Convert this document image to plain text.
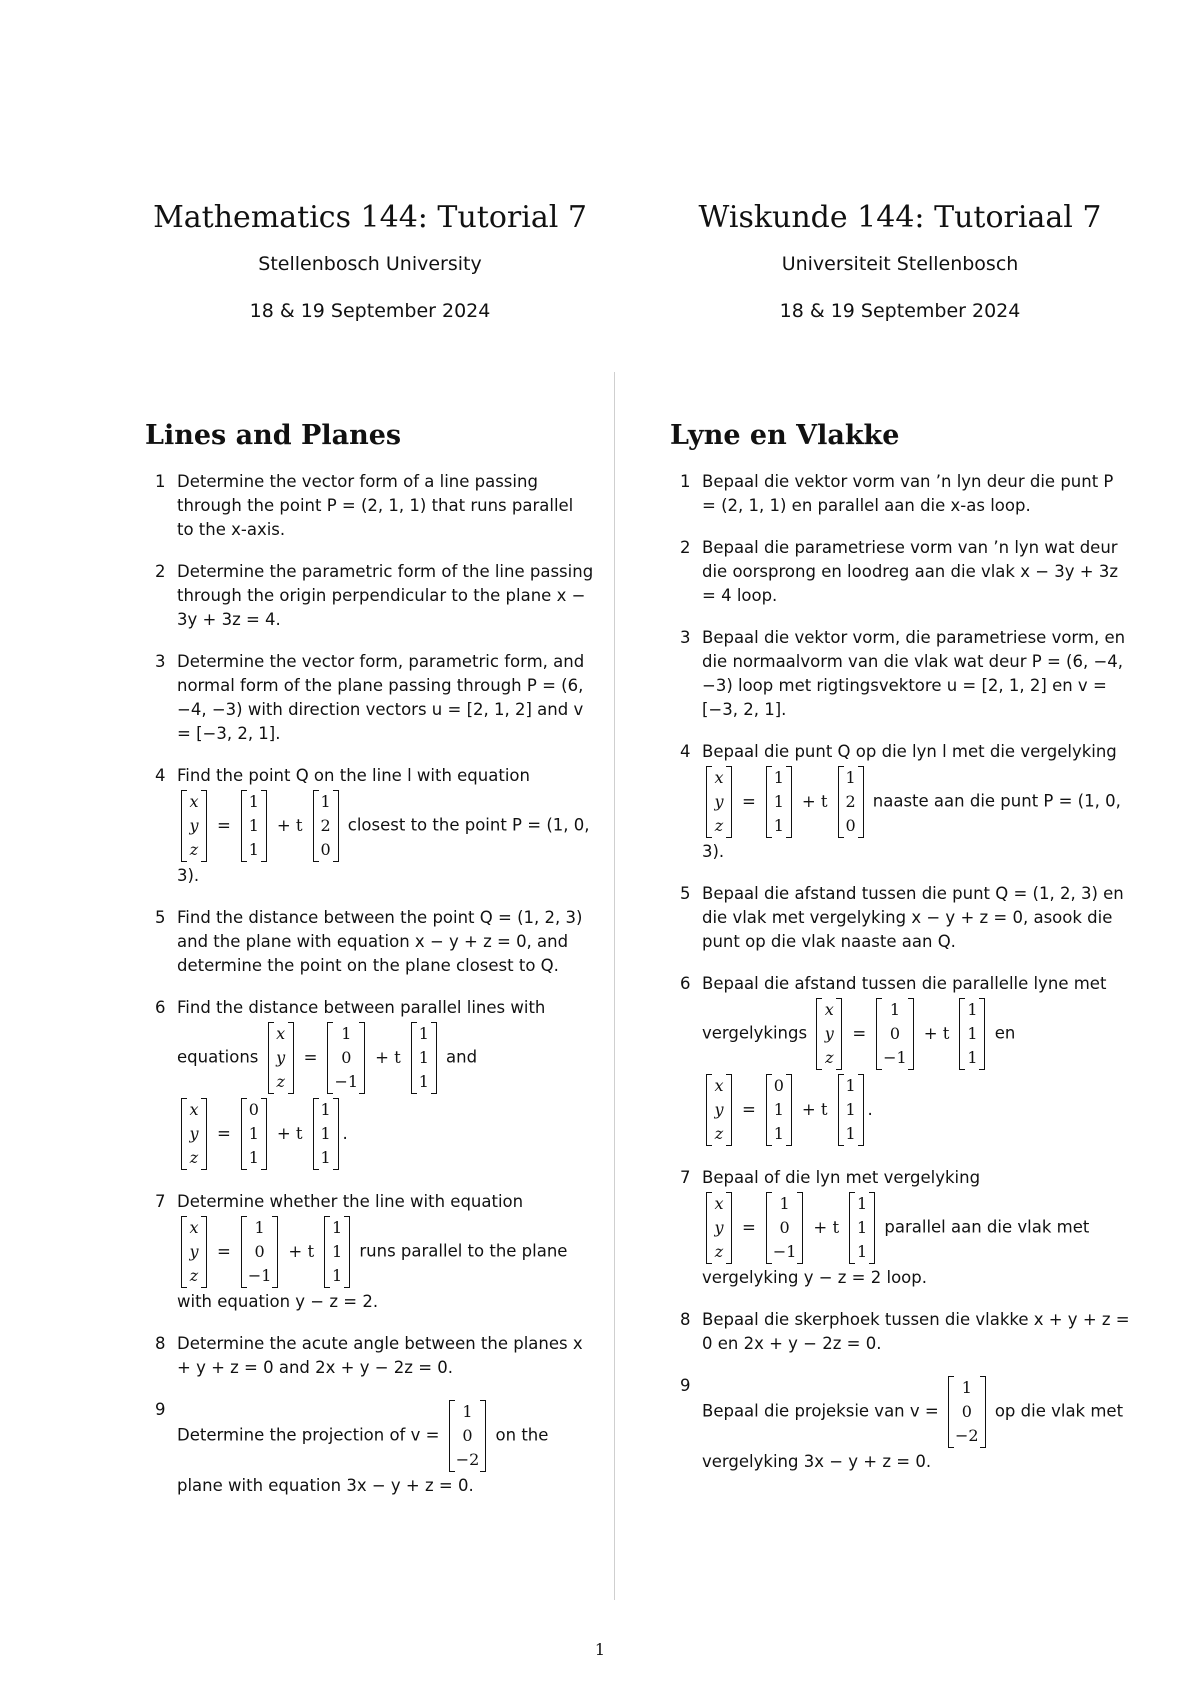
Mathematics 144: Tutorial 7
Stellenbosch University
18 & 19 September 2024
Lines and Planes
1 Determine the vector form of a line passing through the point P = (2, 1, 1) that runs parallel to the x-axis.
2 Determine the parametric form of the line passing through the origin perpendicular to the plane x − 3y + 3z = 4.
3 Determine the vector form, parametric form, and normal form of the plane passing through P = (6, −4, −3) with direction vectors u = [2, 1, 2] and v = [−3, 2, 1].
4 Find the point Q on the line l with equation
x
y
z
=
1
1
1
+ t
1
2
0
closest to the point P = (1, 0, 3).
5 Find the distance between the point Q = (1, 2, 3) and the plane with equation x − y + z = 0, and determine the point on the plane closest to Q.
6 Find the distance between parallel lines with equations
x
y
z
=
1
0
−1
+ t
1
1
1
and
x
y
z
=
0
1
1
+ t
1
1
1
.
7 Determine whether the line with equation
x
y
z
=
1
0
−1
+ t
1
1
1
runs parallel to the plane with equation y − z = 2.
8 Determine the acute angle between the planes x + y + z = 0 and 2x + y − 2z = 0.
9
Determine the projection of v =
1
0
−2
on the plane with equation 3x − y + z = 0.
Wiskunde 144: Tutoriaal 7
Universiteit Stellenbosch
18 & 19 September 2024
Lyne en Vlakke
1 Bepaal die vektor vorm van ’n lyn deur die punt P = (2, 1, 1) en parallel aan die x-as loop.
2 Bepaal die parametriese vorm van ’n lyn wat deur die oorsprong en loodreg aan die vlak x − 3y + 3z = 4 loop.
3 Bepaal die vektor vorm, die parametriese vorm, en die normaalvorm van die vlak wat deur P = (6, −4, −3) loop met rigtingsvektore u = [2, 1, 2] en v = [−3, 2, 1].
4 Bepaal die punt Q op die lyn l met die vergelyking
x
y
z
=
1
1
1
+ t
1
2
0
naaste aan die punt P = (1, 0, 3).
5 Bepaal die afstand tussen die punt Q = (1, 2, 3) en die vlak met vergelyking x − y + z = 0, asook die punt op die vlak naaste aan Q.
6 Bepaal die afstand tussen die parallelle lyne met vergelykings
x
y
z
=
1
0
−1
+ t
1
1
1
en
x
y
z
=
0
1
1
+ t
1
1
1
.
7 Bepaal of die lyn met vergelyking
x
y
z
=
1
0
−1
+ t
1
1
1
parallel aan die vlak met vergelyking y − z = 2 loop.
8 Bepaal die skerphoek tussen die vlakke x + y + z = 0 en 2x + y − 2z = 0.
9
Bepaal die projeksie van v =
1
0
−2
op die vlak met vergelyking 3x − y + z = 0.
1
